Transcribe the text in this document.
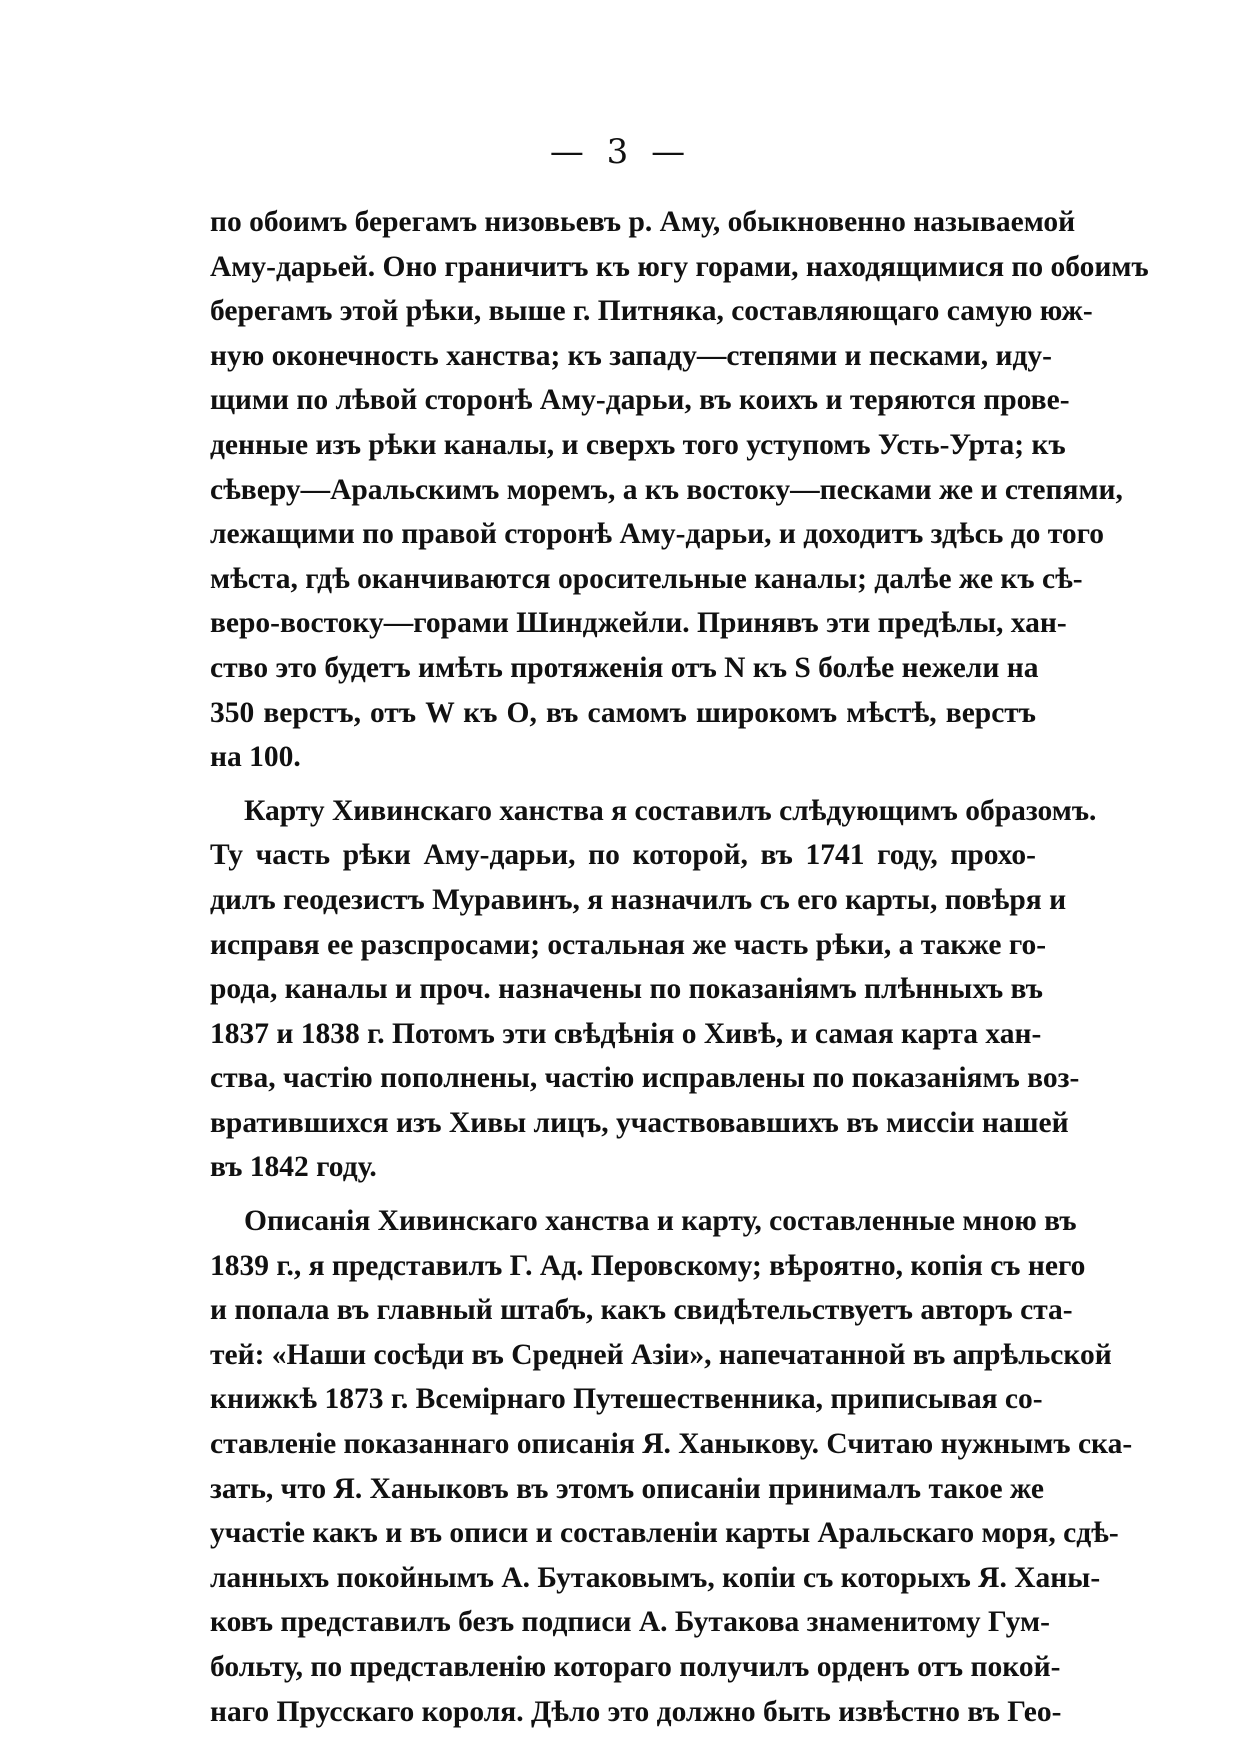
— 3 —
по обоимъ берегамъ низовьевъ р. Аму, обыкновенно называемой
Аму-дарьей. Оно граничитъ къ югу горами, находящимися по обоимъ
берегамъ этой рѣки, выше г. Питняка, составляющаго самую юж-
ную оконечность ханства; къ западу—степями и песками, иду-
щими по лѣвой сторонѣ Аму-дарьи, въ коихъ и теряются прове-
денные изъ рѣки каналы, и сверхъ того уступомъ Усть-Урта; къ
сѣверу—Аральскимъ моремъ, а къ востоку—песками же и степями,
лежащими по правой сторонѣ Аму-дарьи, и доходитъ здѣсь до того
мѣста, гдѣ оканчиваются оросительные каналы; далѣе же къ сѣ-
веро-востоку—горами Шинджейли. Принявъ эти предѣлы, хан-
ство это будетъ имѣть протяженія отъ N къ S болѣе нежели на
350 верстъ, отъ W къ O, въ самомъ широкомъ мѣстѣ, верстъ
на 100.
Карту Хивинскаго ханства я составилъ слѣдующимъ образомъ.
Ту часть рѣки Аму-дарьи, по которой, въ 1741 году, прохо-
дилъ геодезистъ Муравинъ, я назначилъ съ его карты, повѣря и
исправя ее разспросами; остальная же часть рѣки, а также го-
рода, каналы и проч. назначены по показаніямъ плѣнныхъ въ
1837 и 1838 г. Потомъ эти свѣдѣнія о Хивѣ, и самая карта хан-
ства, частію пополнены, частію исправлены по показаніямъ воз-
вратившихся изъ Хивы лицъ, участвовавшихъ въ миссіи нашей
въ 1842 году.
Описанія Хивинскаго ханства и карту, составленные мною въ
1839 г., я представилъ Г. Ад. Перовскому; вѣроятно, копія съ него
и попала въ главный штабъ, какъ свидѣтельствуетъ авторъ ста-
тей: «Наши сосѣди въ Средней Азіи», напечатанной въ апрѣльской
книжкѣ 1873 г. Всемірнаго Путешественника, приписывая со-
ставленіе показаннаго описанія Я. Ханыкову. Считаю нужнымъ ска-
зать, что Я. Ханыковъ въ этомъ описаніи принималъ такое же
участіе какъ и въ описи и составленіи карты Аральскаго моря, сдѣ-
ланныхъ покойнымъ А. Бутаковымъ, копіи съ которыхъ Я. Ханы-
ковъ представилъ безъ подписи А. Бутакова знаменитому Гум-
больту, по представленію котораго получилъ орденъ отъ покой-
наго Прусскаго короля. Дѣло это должно быть извѣстно въ Гео-
